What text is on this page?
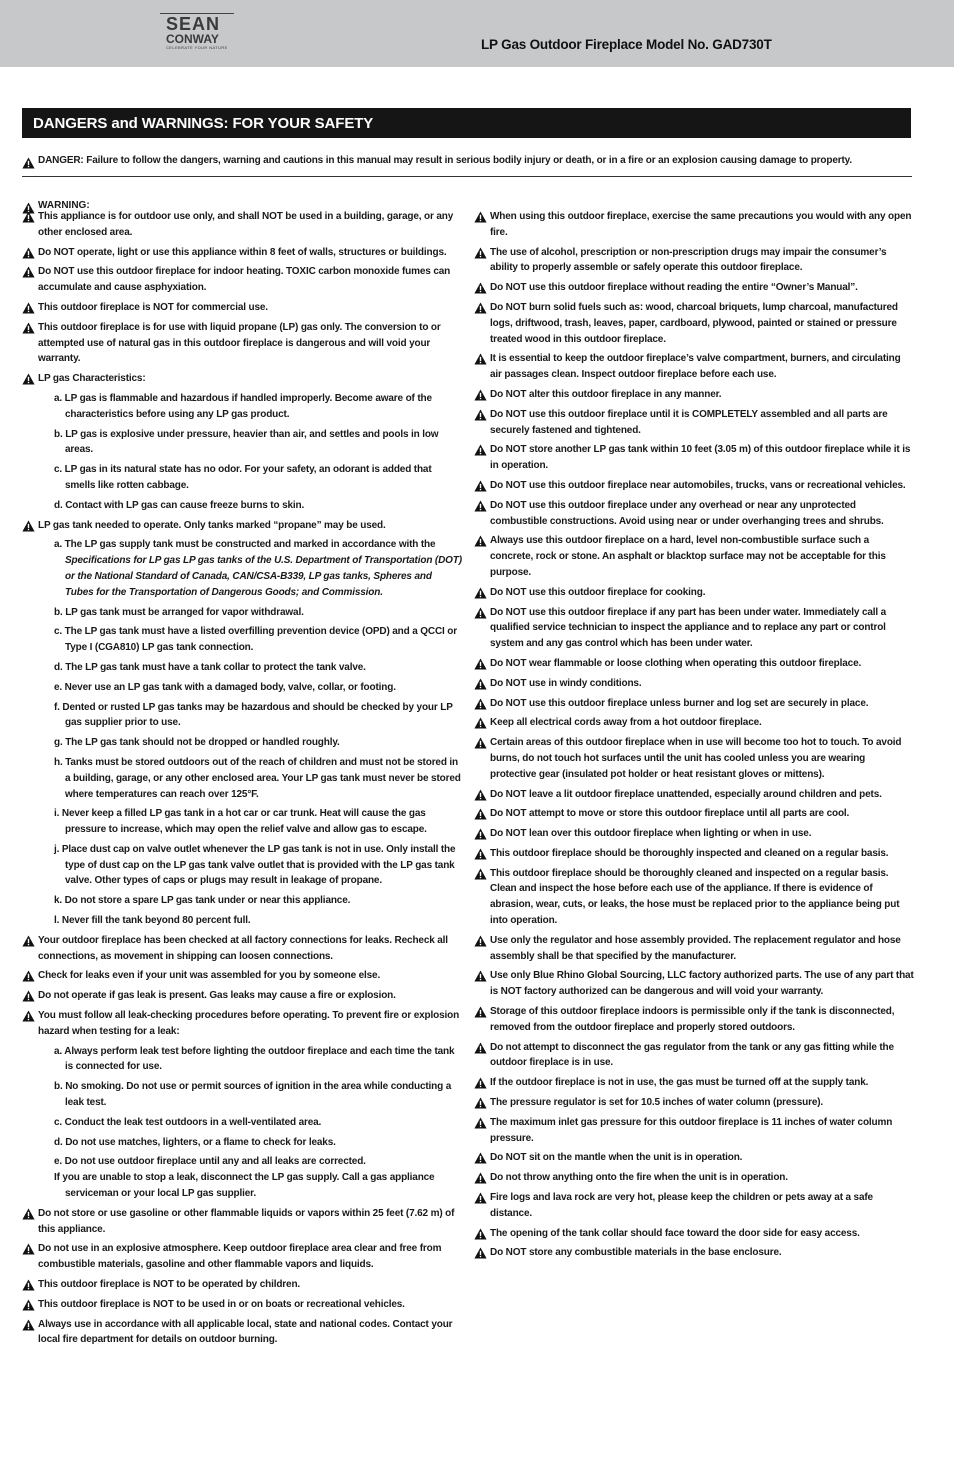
SEAN
CONWAY
CELEBRATE YOUR NATURE	LP Gas Outdoor Fireplace Model No. GAD730T
DANGERS and WARNINGS: FOR YOUR SAFETY
DANGER: Failure to follow the dangers, warning and cautions in this manual may result in serious bodily injury or death, or in a fire or an explosion causing damage to property.
WARNING:
This appliance is for outdoor use only, and shall NOT be used in a building, garage, or any other enclosed area.
Do NOT operate, light or use this appliance within 8 feet of walls, structures or buildings.
Do NOT use this outdoor fireplace for indoor heating. TOXIC carbon monoxide fumes can accumulate and cause asphyxiation.
This outdoor fireplace is NOT for commercial use.
This outdoor fireplace is for use with liquid propane (LP) gas only. The conversion to or attempted use of natural gas in this outdoor fireplace is dangerous and will void your warranty.
LP gas Characteristics:
a. LP gas is flammable and hazardous if handled improperly. Become aware of the characteristics before using any LP gas product.
b. LP gas is explosive under pressure, heavier than air, and settles and pools in low areas.
c. LP gas in its natural state has no odor. For your safety, an odorant is added that smells like rotten cabbage.
d. Contact with LP gas can cause freeze burns to skin.
LP gas tank needed to operate. Only tanks marked “propane” may be used.
a. The LP gas supply tank must be constructed and marked in accordance with the Specifications for LP gas LP gas tanks of the U.S. Department of Transportation (DOT) or the National Standard of Canada, CAN/CSA-B339, LP gas tanks, Spheres and Tubes for the Transportation of Dangerous Goods; and Commission.
b. LP gas tank must be arranged for vapor withdrawal.
c. The LP gas tank must have a listed overfilling prevention device (OPD) and a QCCI or Type I (CGA810) LP gas tank connection.
d. The LP gas tank must have a tank collar to protect the tank valve.
e. Never use an LP gas tank with a damaged body, valve, collar, or footing.
f. Dented or rusted LP gas tanks may be hazardous and should be checked by your LP gas supplier prior to use.
g. The LP gas tank should not be dropped or handled roughly.
h. Tanks must be stored outdoors out of the reach of children and must not be stored in a building, garage, or any other enclosed area. Your LP gas tank must never be stored where temperatures can reach over 125°F.
i. Never keep a filled LP gas tank in a hot car or car trunk. Heat will cause the gas pressure to increase, which may open the relief valve and allow gas to escape.
j. Place dust cap on valve outlet whenever the LP gas tank is not in use. Only install the type of dust cap on the LP gas tank valve outlet that is provided with the LP gas tank valve. Other types of caps or plugs may result in leakage of propane.
k. Do not store a spare LP gas tank under or near this appliance.
l. Never fill the tank beyond 80 percent full.
Your outdoor fireplace has been checked at all factory connections for leaks. Recheck all connections, as movement in shipping can loosen connections.
Check for leaks even if your unit was assembled for you by someone else.
Do not operate if gas leak is present. Gas leaks may cause a fire or explosion.
You must follow all leak-checking procedures before operating. To prevent fire or explosion hazard when testing for a leak:
a. Always perform leak test before lighting the outdoor fireplace and each time the tank is connected for use.
b. No smoking. Do not use or permit sources of ignition in the area while conducting a leak test.
c. Conduct the leak test outdoors in a well-ventilated area.
d. Do not use matches, lighters, or a flame to check for leaks.
e. Do not use outdoor fireplace until any and all leaks are corrected.
If you are unable to stop a leak, disconnect the LP gas supply. Call a gas appliance serviceman or your local LP gas supplier.
Do not store or use gasoline or other flammable liquids or vapors within 25 feet (7.62 m) of this appliance.
Do not use in an explosive atmosphere. Keep outdoor fireplace area clear and free from combustible materials, gasoline and other flammable vapors and liquids.
This outdoor fireplace is NOT to be operated by children.
This outdoor fireplace is NOT to be used in or on boats or recreational vehicles.
Always use in accordance with all applicable local, state and national codes. Contact your local fire department for details on outdoor burning.
When using this outdoor fireplace, exercise the same precautions you would with any open fire.
The use of alcohol, prescription or non-prescription drugs may impair the consumer’s ability to properly assemble or safely operate this outdoor fireplace.
Do NOT use this outdoor fireplace without reading the entire “Owner’s Manual”.
Do NOT burn solid fuels such as: wood, charcoal briquets, lump charcoal, manufactured logs, driftwood, trash, leaves, paper, cardboard, plywood, painted or stained or pressure treated wood in this outdoor fireplace.
It is essential to keep the outdoor fireplace’s valve compartment, burners, and circulating air passages clean. Inspect outdoor fireplace before each use.
Do NOT alter this outdoor fireplace in any manner.
Do NOT use this outdoor fireplace until it is COMPLETELY assembled and all parts are securely fastened and tightened.
Do NOT store another LP gas tank within 10 feet (3.05 m) of this outdoor fireplace while it is in operation.
Do NOT use this outdoor fireplace near automobiles, trucks, vans or recreational vehicles.
Do NOT use this outdoor fireplace under any overhead or near any unprotected combustible constructions. Avoid using near or under overhanging trees and shrubs.
Always use this outdoor fireplace on a hard, level non-combustible surface such a concrete, rock or stone. An asphalt or blacktop surface may not be acceptable for this purpose.
Do NOT use this outdoor fireplace for cooking.
Do NOT use this outdoor fireplace if any part has been under water. Immediately call a qualified service technician to inspect the appliance and to replace any part or control system and any gas control which has been under water.
Do NOT wear flammable or loose clothing when operating this outdoor fireplace.
Do NOT use in windy conditions.
Do NOT use this outdoor fireplace unless burner and log set are securely in place.
Keep all electrical cords away from a hot outdoor fireplace.
Certain areas of this outdoor fireplace when in use will become too hot to touch. To avoid burns, do not touch hot surfaces until the unit has cooled unless you are wearing protective gear (insulated pot holder or heat resistant gloves or mittens).
Do NOT leave a lit outdoor fireplace unattended, especially around children and pets.
Do NOT attempt to move or store this outdoor fireplace until all parts are cool.
Do NOT lean over this outdoor fireplace when lighting or when in use.
This outdoor fireplace should be thoroughly inspected and cleaned on a regular basis.
This outdoor fireplace should be thoroughly cleaned and inspected on a regular basis. Clean and inspect the hose before each use of the appliance. If there is evidence of abrasion, wear, cuts, or leaks, the hose must be replaced prior to the appliance being put into operation.
Use only the regulator and hose assembly provided. The replacement regulator and hose assembly shall be that specified by the manufacturer.
Use only Blue Rhino Global Sourcing, LLC factory authorized parts. The use of any part that is NOT factory authorized can be dangerous and will void your warranty.
Storage of this outdoor fireplace indoors is permissible only if the tank is disconnected, removed from the outdoor fireplace and properly stored outdoors.
Do not attempt to disconnect the gas regulator from the tank or any gas fitting while the outdoor fireplace is in use.
If the outdoor fireplace is not in use, the gas must be turned off at the supply tank.
The pressure regulator is set for 10.5 inches of water column (pressure).
The maximum inlet gas pressure for this outdoor fireplace is 11 inches of water column pressure.
Do NOT sit on the mantle when the unit is in operation.
Do not throw anything onto the fire when the unit is in operation.
Fire logs and lava rock are very hot, please keep the children or pets away at a safe distance.
The opening of the tank collar should face toward the door side for easy access.
Do NOT store any combustible materials in the base enclosure.
